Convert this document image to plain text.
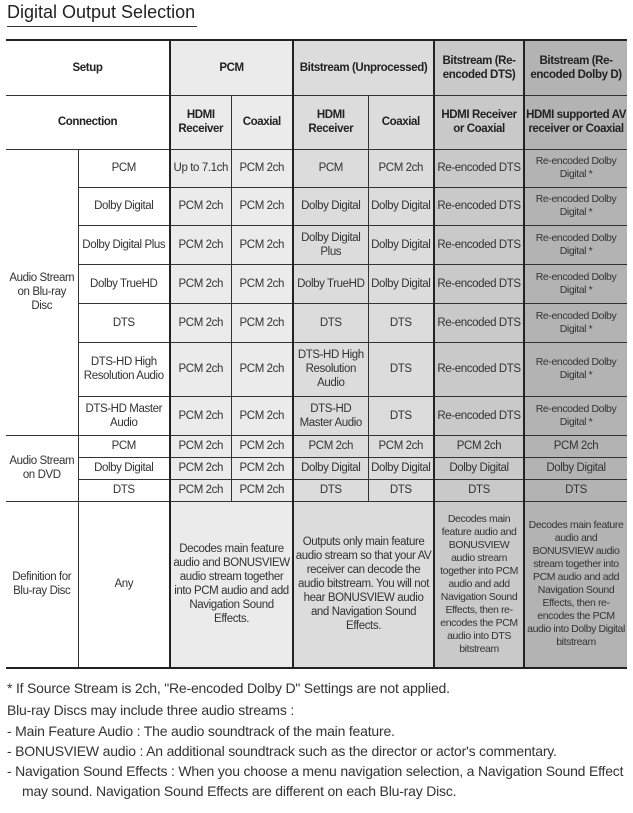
Digital Output Selection
Setup		PCM		Bitstream (Unprocessed)		Bitstream (Re-encoded DTS)	Bitstream (Re-encoded Dolby D)
Connection		HDMI Receiver	Coaxial	HDMI Receiver	Coaxial	HDMI Receiver or Coaxial	HDMI supported AV receiver or Coaxial
Audio Stream on Blu-ray Disc	PCM	Up to 7.1ch	PCM 2ch	PCM	PCM 2ch	Re-encoded DTS	Re-encoded Dolby Digital *
	Dolby Digital	PCM 2ch	PCM 2ch	Dolby Digital	Dolby Digital	Re-encoded DTS	Re-encoded Dolby Digital *
	Dolby Digital Plus	PCM 2ch	PCM 2ch	Dolby Digital Plus	Dolby Digital	Re-encoded DTS	Re-encoded Dolby Digital *
	Dolby TrueHD	PCM 2ch	PCM 2ch	Dolby TrueHD	Dolby Digital	Re-encoded DTS	Re-encoded Dolby Digital *
	DTS	PCM 2ch	PCM 2ch	DTS	DTS	Re-encoded DTS	Re-encoded Dolby Digital *
	DTS-HD High Resolution Audio	PCM 2ch	PCM 2ch	DTS-HD High Resolution Audio	DTS	Re-encoded DTS	Re-encoded Dolby Digital *
	DTS-HD Master Audio	PCM 2ch	PCM 2ch	DTS-HD Master Audio	DTS	Re-encoded DTS	Re-encoded Dolby Digital *
Audio Stream on DVD	PCM	PCM 2ch	PCM 2ch	PCM 2ch	PCM 2ch	PCM 2ch	PCM 2ch
	Dolby Digital	PCM 2ch	PCM 2ch	Dolby Digital	Dolby Digital	Dolby Digital	Dolby Digital
	DTS	PCM 2ch	PCM 2ch	DTS	DTS	DTS	DTS
Definition for Blu-ray Disc	Any	Decodes main feature audio and BONUSVIEW audio stream together into PCM audio and add Navigation Sound Effects.		Outputs only main feature audio stream so that your AV receiver can decode the audio bitstream. You will not hear BONUSVIEW audio and Navigation Sound Effects.		Decodes main feature audio and BONUSVIEW audio stream together into PCM audio and add Navigation Sound Effects, then re-encodes the PCM audio into DTS bitstream	Decodes main feature audio and BONUSVIEW audio stream together into PCM audio and add Navigation Sound Effects, then re-encodes the PCM audio into Dolby Digital bitstream
* If Source Stream is 2ch, "Re-encoded Dolby D" Settings are not applied.
Blu-ray Discs may include three audio streams :
- Main Feature Audio : The audio soundtrack of the main feature.
- BONUSVIEW audio : An additional soundtrack such as the director or actor's commentary.
- Navigation Sound Effects : When you choose a menu navigation selection, a Navigation Sound Effect may sound. Navigation Sound Effects are different on each Blu-ray Disc.
